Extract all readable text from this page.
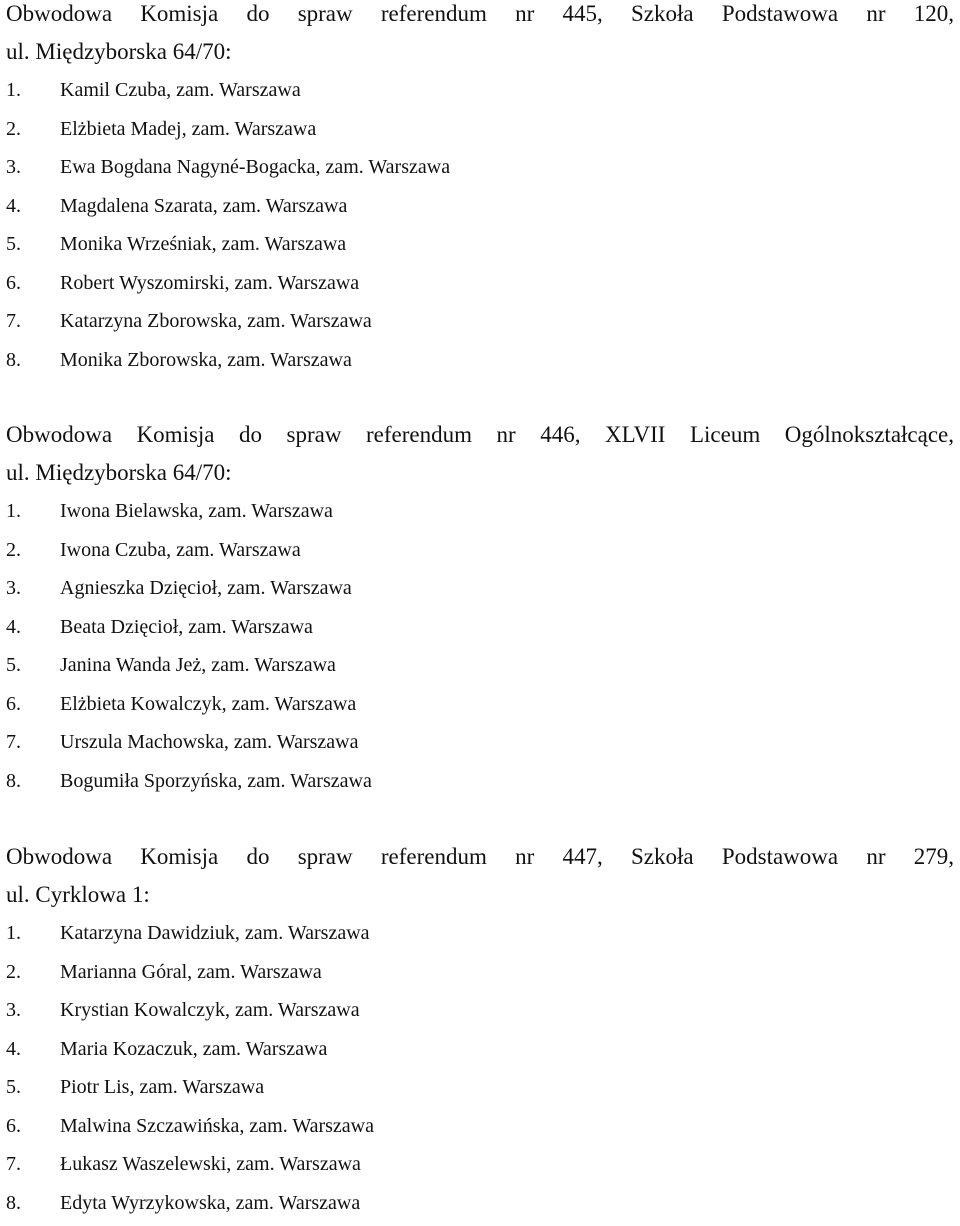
Obwodowa Komisja do spraw referendum nr 445, Szkoła Podstawowa nr 120,
ul. Międzyborska 64/70:
1.	Kamil Czuba, zam. Warszawa
2.	Elżbieta Madej, zam. Warszawa
3.	Ewa Bogdana Nagyné-Bogacka, zam. Warszawa
4.	Magdalena Szarata, zam. Warszawa
5.	Monika Wrześniak, zam. Warszawa
6.	Robert Wyszomirski, zam. Warszawa
7.	Katarzyna Zborowska, zam. Warszawa
8.	Monika Zborowska, zam. Warszawa
Obwodowa Komisja do spraw referendum nr 446, XLVII Liceum Ogólnokształcące,
ul. Międzyborska 64/70:
1.	Iwona Bielawska, zam. Warszawa
2.	Iwona Czuba, zam. Warszawa
3.	Agnieszka Dzięcioł, zam. Warszawa
4.	Beata Dzięcioł, zam. Warszawa
5.	Janina Wanda Jeż, zam. Warszawa
6.	Elżbieta Kowalczyk, zam. Warszawa
7.	Urszula Machowska, zam. Warszawa
8.	Bogumiła Sporzyńska, zam. Warszawa
Obwodowa Komisja do spraw referendum nr 447, Szkoła Podstawowa nr 279,
ul. Cyrklowa 1:
1.	Katarzyna Dawidziuk, zam. Warszawa
2.	Marianna Góral, zam. Warszawa
3.	Krystian Kowalczyk, zam. Warszawa
4.	Maria Kozaczuk, zam. Warszawa
5.	Piotr Lis, zam. Warszawa
6.	Malwina Szczawińska, zam. Warszawa
7.	Łukasz Waszelewski, zam. Warszawa
8.	Edyta Wyrzykowska, zam. Warszawa
